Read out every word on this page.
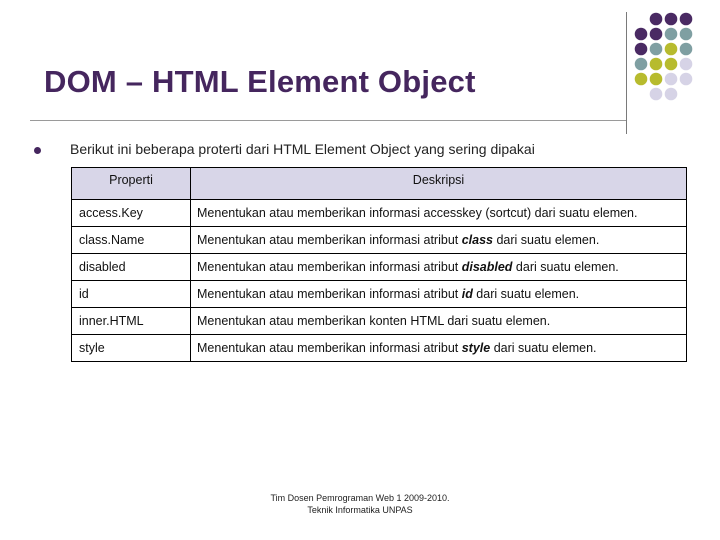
DOM – HTML Element Object
Berikut ini beberapa proterti dari HTML Element Object yang sering dipakai
Properti	Deskripsi
access.Key	Menentukan atau memberikan informasi accesskey (sortcut) dari suatu elemen.
class.Name	Menentukan atau memberikan informasi atribut class dari suatu elemen.
disabled	Menentukan atau memberikan informasi atribut disabled dari suatu elemen.
id	Menentukan atau memberikan informasi atribut id dari suatu elemen.
inner.HTML	Menentukan atau memberikan konten HTML dari suatu elemen.
style	Menentukan atau memberikan informasi atribut style dari suatu elemen.
Tim Dosen Pemrograman Web 1 2009-2010.
Teknik Informatika UNPAS
